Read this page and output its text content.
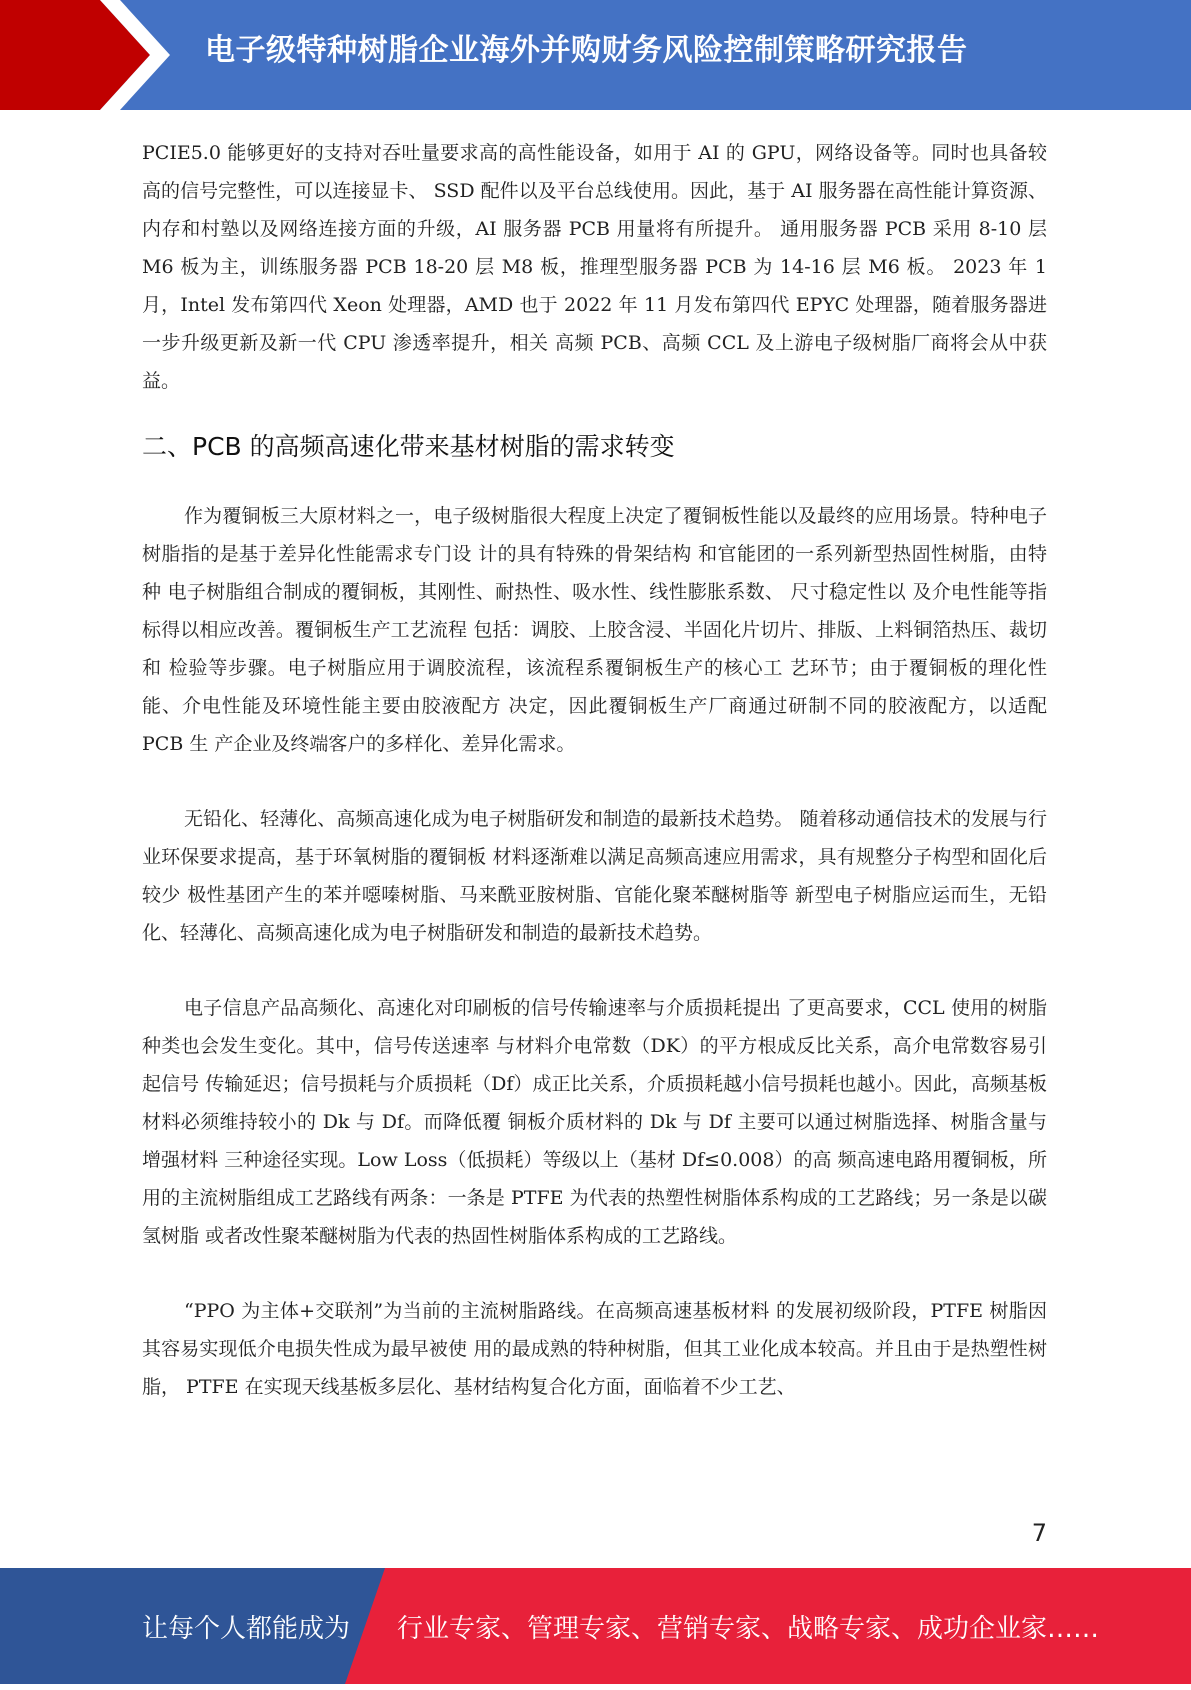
电子级特种树脂企业海外并购财务风险控制策略研究报告

PCIE5.0 能够更好的支持对吞吐量要求高的高性能设备，如用于 AI 的 GPU，网络设备等。同时也具备较高的信号完整性，可以连接显卡、 SSD 配件以及平台总线使用。因此，基于 AI 服务器在高性能计算资源、 内存和村塾以及网络连接方面的升级，AI 服务器 PCB 用量将有所提升。 通用服务器 PCB 采用 8-10 层 M6 板为主，训练服务器 PCB 18-20 层 M8 板，推理型服务器 PCB 为 14-16 层 M6 板。 2023 年 1 月，Intel 发布第四代 Xeon 处理器，AMD 也于 2022 年 11 月发布第四代 EPYC 处理器，随着服务器进一步升级更新及新一代 CPU 渗透率提升，相关 高频 PCB、高频 CCL 及上游电子级树脂厂商将会从中获益。

二、PCB 的高频高速化带来基材树脂的需求转变

作为覆铜板三大原材料之一，电子级树脂很大程度上决定了覆铜板性能以及最终的应用场景。特种电子树脂指的是基于差异化性能需求专门设 计的具有特殊的骨架结构 和官能团的一系列新型热固性树脂，由特种 电子树脂组合制成的覆铜板，其刚性、耐热性、吸水性、线性膨胀系数、 尺寸稳定性以 及介电性能等指标得以相应改善。覆铜板生产工艺流程 包括：调胶、上胶含浸、半固化片切片、排版、上料铜箔热压、裁切和 检验等步骤。电子树脂应用于调胶流程，该流程系覆铜板生产的核心工 艺环节；由于覆铜板的理化性能、介电性能及环境性能主要由胶液配方 决定，因此覆铜板生产厂商通过研制不同的胶液配方，以适配 PCB 生 产企业及终端客户的多样化、差异化需求。

无铅化、轻薄化、高频高速化成为电子树脂研发和制造的最新技术趋势。 随着移动通信技术的发展与行业环保要求提高，基于环氧树脂的覆铜板 材料逐渐难以满足高频高速应用需求，具有规整分子构型和固化后较少 极性基团产生的苯并噁嗪树脂、马来酰亚胺树脂、官能化聚苯醚树脂等 新型电子树脂应运而生，无铅化、轻薄化、高频高速化成为电子树脂研发和制造的最新技术趋势。

电子信息产品高频化、高速化对印刷板的信号传输速率与介质损耗提出 了更高要求，CCL 使用的树脂种类也会发生变化。其中，信号传送速率 与材料介电常数（DK）的平方根成反比关系，高介电常数容易引起信号 传输延迟；信号损耗与介质损耗（Df）成正比关系，介质损耗越小信号损耗也越小。因此，高频基板材料必须维持较小的 Dk 与 Df。而降低覆 铜板介质材料的 Dk 与 Df 主要可以通过树脂选择、树脂含量与增强材料 三种途径实现。Low Loss（低损耗）等级以上（基材 Df≤0.008）的高 频高速电路用覆铜板，所用的主流树脂组成工艺路线有两条：一条是 PTFE 为代表的热塑性树脂体系构成的工艺路线；另一条是以碳氢树脂 或者改性聚苯醚树脂为代表的热固性树脂体系构成的工艺路线。

“PPO 为主体+交联剂”为当前的主流树脂路线。在高频高速基板材料 的发展初级阶段，PTFE 树脂因其容易实现低介电损失性成为最早被使 用的最成熟的特种树脂，但其工业化成本较高。并且由于是热塑性树脂， PTFE 在实现天线基板多层化、基材结构复合化方面，面临着不少工艺、

7
让每个人都能成为 行业专家、管理专家、营销专家、战略专家、成功企业家……
